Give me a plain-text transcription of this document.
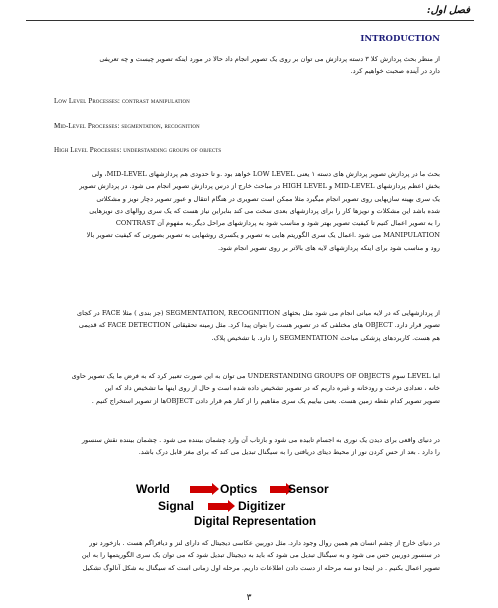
فصل اول:
INTRODUCTION

از منظر بحث پردازش کلا ۳ دسته پردازش می توان بر روی یک تصویر انجام داد حالا در مورد اینکه تصویر چیست و چه تعریفی

دارد در آینده صحبت خواهیم کرد.

Low Level Processes: contrast manipulation
Mid-Level Processes: segmentation, recognition
High Level Processes: understanding groups of objects

بحث ما در پردازش تصویر پردازش های دسته ۱ یعنی LOW LEVEL خواهد بود .و تا حدودی هم پردازشهای MID-LEVEL، ولی

بخش اعظم پردازشهای MID-LEVEL و HIGH LEVEL در مباحث خارج از درس پردازش تصویر انجام می شود. در پردازش تصویر

یک سری بهینه سازیهایی روی تصویر انجام میگیرد مثلا ممکن است تصویری در هنگام انتقال و عبور تصویر دچار نویز و مشکلاتی

شده باشد این مشکلات و نویزها کار را برای پردازشهای بعدی سخت می کند بنابراین نیاز هست که یک سری روالهای دی نویزهایی

را به تصویر اعمال کنیم تا کیفیت تصویر بهتر شود و مناسب شود به پردازشهای مراحل دیگر.به مفهوم آن CONTRAST

MANIPULATION می شود .اعمال یک سری الگوریتم هایی به تصویر و یکسری روشهایی به تصویر بصورتی که کیفیت تصویر بالا

رود و مناسب شود برای اینکه پردازشهای لایه های بالاتر بر روی تصویر انجام شود.

از پردازشهایی که در لایه میانی انجام می شود مثل بحثهای SEGMENTATION, RECOGNITION (جز بندی ) مثلا FACE در کجای

تصویر قرار دارد. OBJECT های مختلفی که در تصویر هست را بتوان پیدا کرد. مثل زمینه تحقیقاتی FACE DETECTION که قدیمی

هم هست. کاربردهای پزشکی مباحث SEGMENTATION را دارد. یا تشخیص پلاک.

اما LEVEL سوم UNDERSTANDING GROUPS OF OBJECTS می توان به این صورت تعبیر کرد که به فرض ما یک تصویر حاوی

خانه ، تعدادی درخت و رودخانه و غیره داریم که در تصویر تشخیص داده شده است و حال از روی اینها ما تشخیص داد که این

تصویر تصویر کدام نقطه زمین هست. یعنی بیاییم یک سری مفاهیم را از کنار هم قرار دادن OBJECTها از تصویر استخراج کنیم .

در دنیای واقعی برای دیدن یک نوری به اجسام تابیده می شود و بازتاب آن وارد چشمان بیننده می شود . چشمان بیننده نقش سنسور

را دارد . بعد از حس کردن نور از محیط دیتای دریافتی را به سیگنال تبدیل می کند که برای مغز قابل درک باشد.

World	Optics	Sensor
Signal	Digitizer
Digital Representation

در دنیای خارج از چشم انسان هم همین روال وجود دارد. مثل دوربین عکاسی دیجیتال که دارای لنز و دیافراگم هست . بازخورد نور

در سنسور دوربین حس می شود و به سیگنال تبدیل می شود که باید به دیجیتال تبدیل شود که می توان یک سری الگوریتمها را به این

تصویر اعمال بکنیم . در اینجا دو سه مرحله از دست دادن اطلاعات داریم. مرحله اول زمانی است که سیگنال به شکل آنالوگ تشکیل

۳
